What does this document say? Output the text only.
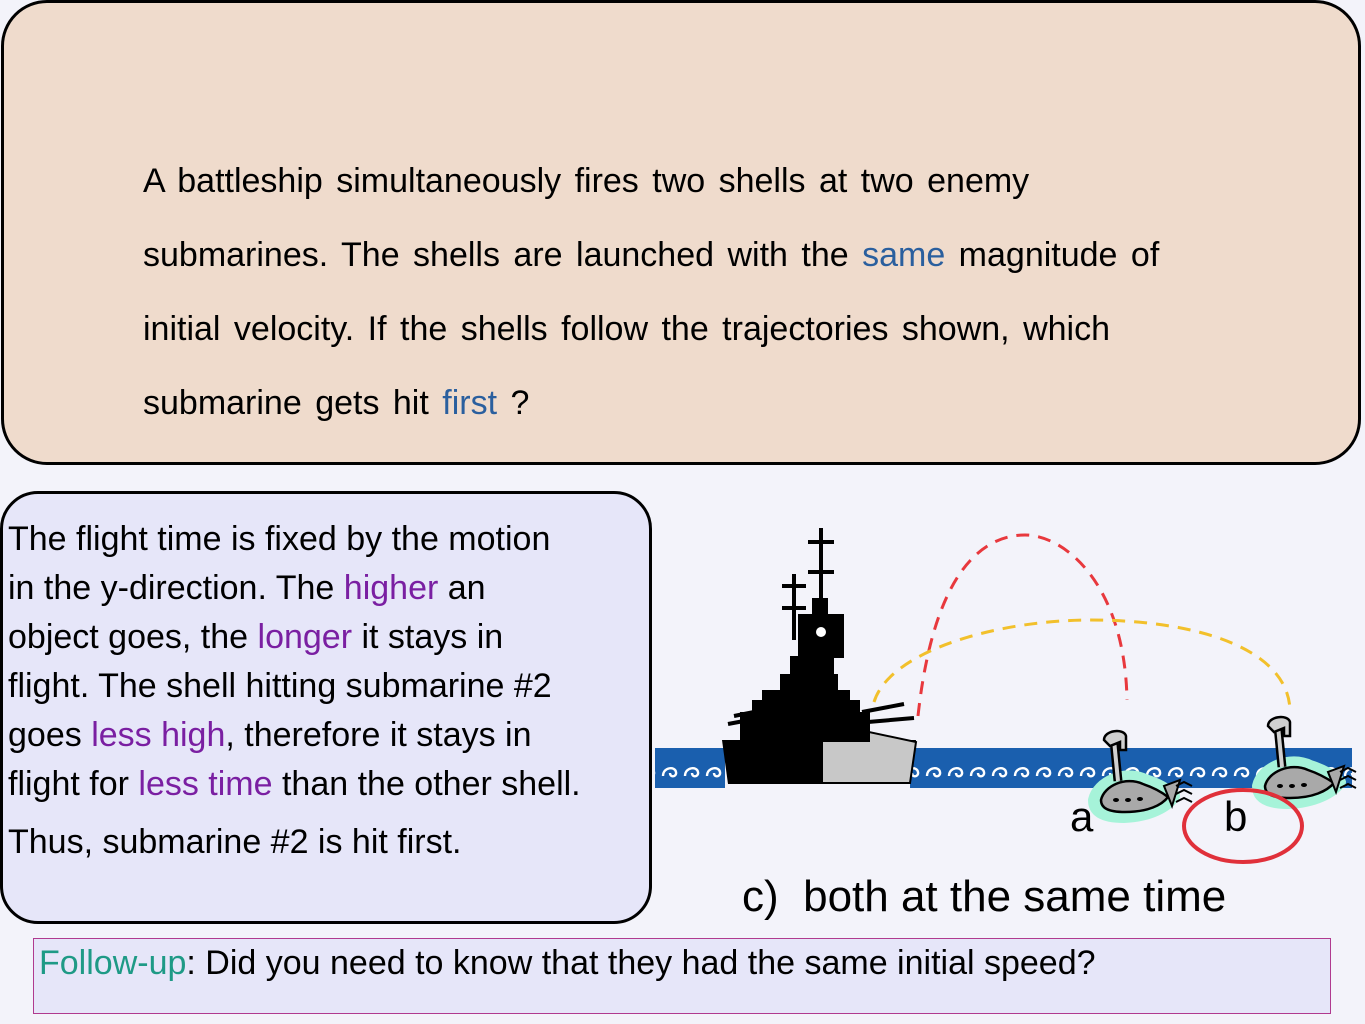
A battleship simultaneously fires two shells at two enemy
submarines. The shells are launched with the same magnitude of
initial velocity. If the shells follow the trajectories shown, which
submarine gets hit first ?
The flight time is fixed by the motion
in the y-direction. The higher an
object goes, the longer it stays in
flight. The shell hitting submarine #2
goes less high, therefore it stays in
flight for less time than the other shell.
Thus, submarine #2 is hit first.
a	b
c)  both at the same time
Follow-up: Did you need to know that they had the same initial speed?
